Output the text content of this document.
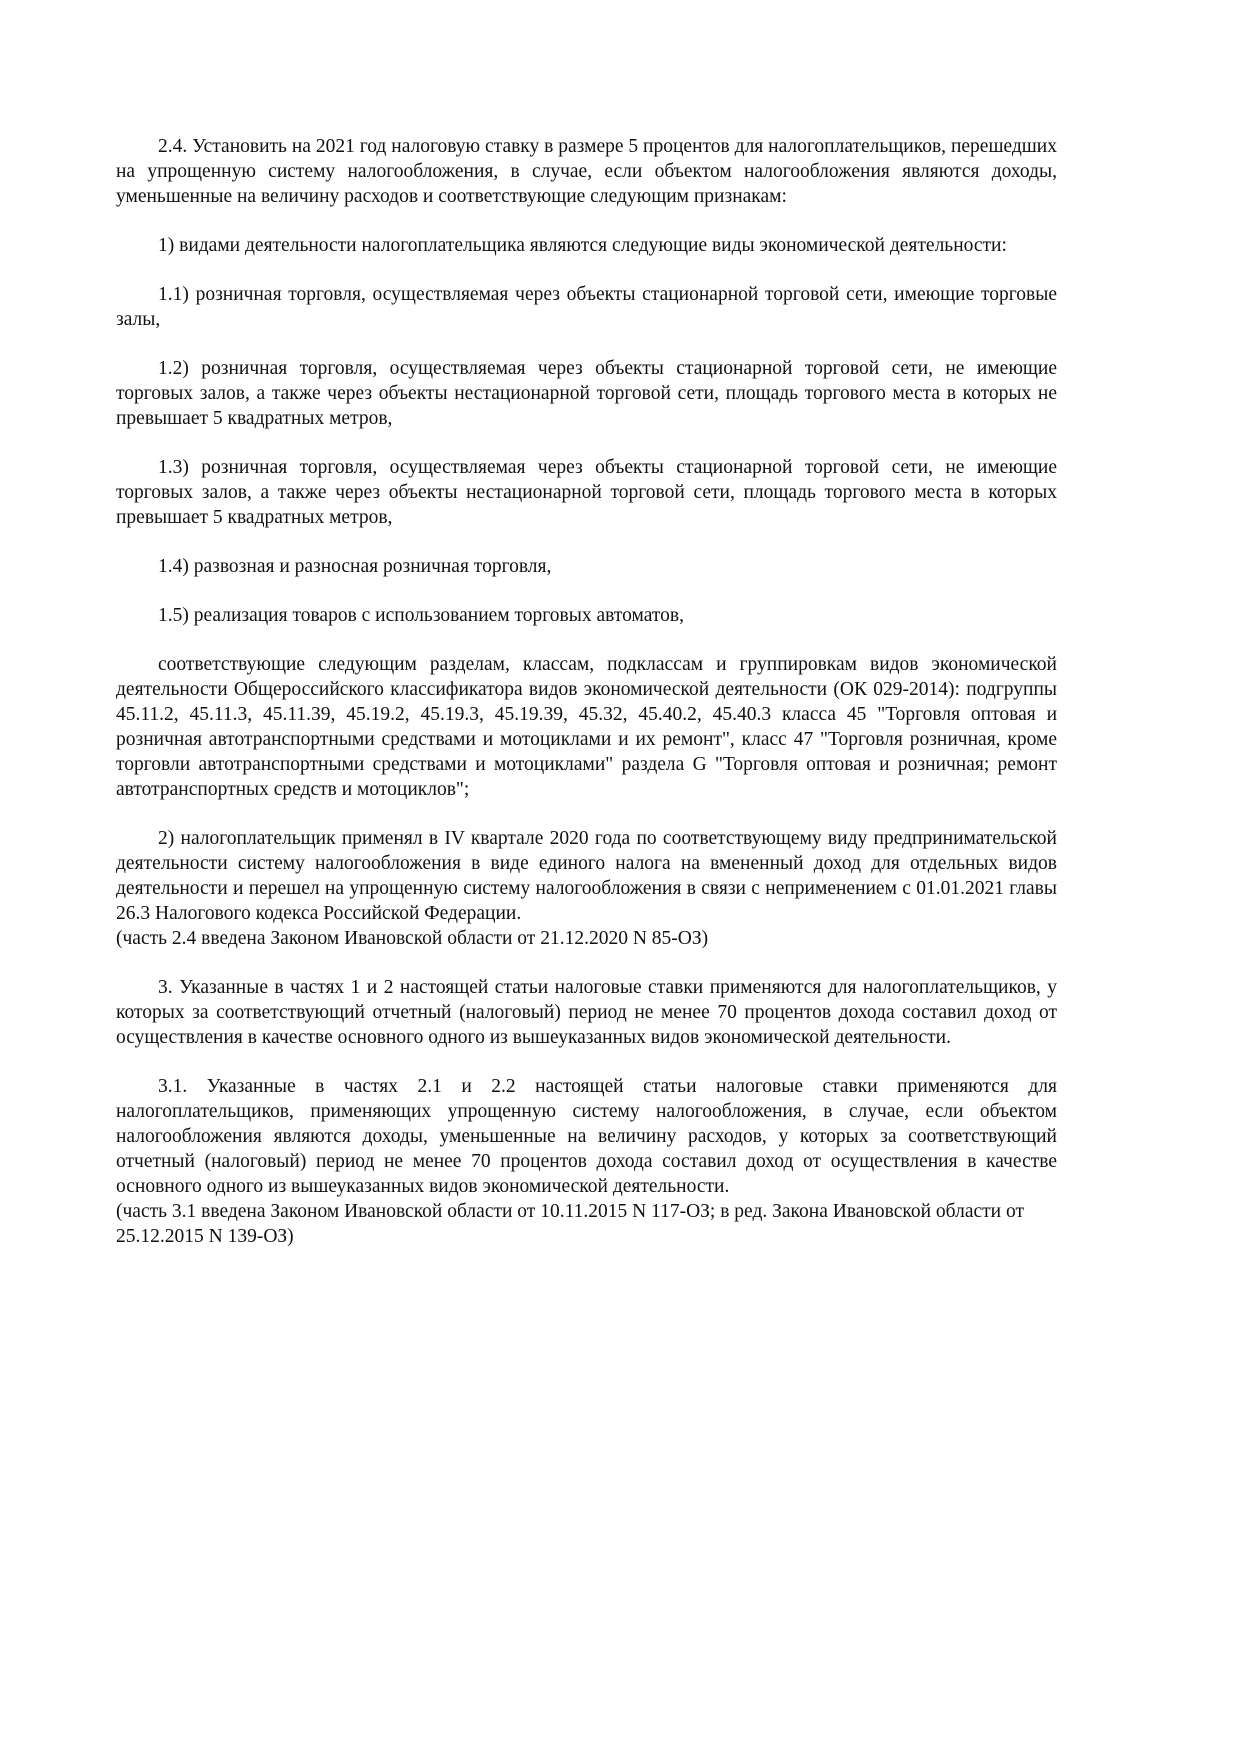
2.4. Установить на 2021 год налоговую ставку в размере 5 процентов для налогоплательщиков, перешедших на упрощенную систему налогообложения, в случае, если объектом налогообложения являются доходы, уменьшенные на величину расходов и соответствующие следующим признакам:

1) видами деятельности налогоплательщика являются следующие виды экономической деятельности:

1.1) розничная торговля, осуществляемая через объекты стационарной торговой сети, имеющие торговые залы,

1.2) розничная торговля, осуществляемая через объекты стационарной торговой сети, не имеющие торговых залов, а также через объекты нестационарной торговой сети, площадь торгового места в которых не превышает 5 квадратных метров,

1.3) розничная торговля, осуществляемая через объекты стационарной торговой сети, не имеющие торговых залов, а также через объекты нестационарной торговой сети, площадь торгового места в которых превышает 5 квадратных метров,

1.4) развозная и разносная розничная торговля,

1.5) реализация товаров с использованием торговых автоматов,

соответствующие следующим разделам, классам, подклассам и группировкам видов экономической деятельности Общероссийского классификатора видов экономической деятельности (ОК 029-2014): подгруппы 45.11.2, 45.11.3, 45.11.39, 45.19.2, 45.19.3, 45.19.39, 45.32, 45.40.2, 45.40.3 класса 45 "Торговля оптовая и розничная автотранспортными средствами и мотоциклами и их ремонт", класс 47 "Торговля розничная, кроме торговли автотранспортными средствами и мотоциклами" раздела G "Торговля оптовая и розничная; ремонт автотранспортных средств и мотоциклов";

2) налогоплательщик применял в IV квартале 2020 года по соответствующему виду предпринимательской деятельности систему налогообложения в виде единого налога на вмененный доход для отдельных видов деятельности и перешел на упрощенную систему налогообложения в связи с неприменением с 01.01.2021 главы 26.3 Налогового кодекса Российской Федерации.

(часть 2.4 введена Законом Ивановской области от 21.12.2020 N 85-ОЗ)

3. Указанные в частях 1 и 2 настоящей статьи налоговые ставки применяются для налогоплательщиков, у которых за соответствующий отчетный (налоговый) период не менее 70 процентов дохода составил доход от осуществления в качестве основного одного из вышеуказанных видов экономической деятельности.

3.1. Указанные в частях 2.1 и 2.2 настоящей статьи налоговые ставки применяются для налогоплательщиков, применяющих упрощенную систему налогообложения, в случае, если объектом налогообложения являются доходы, уменьшенные на величину расходов, у которых за соответствующий отчетный (налоговый) период не менее 70 процентов дохода составил доход от осуществления в качестве основного одного из вышеуказанных видов экономической деятельности.

(часть 3.1 введена Законом Ивановской области от 10.11.2015 N 117-ОЗ; в ред. Закона Ивановской области от 25.12.2015 N 139-ОЗ)
